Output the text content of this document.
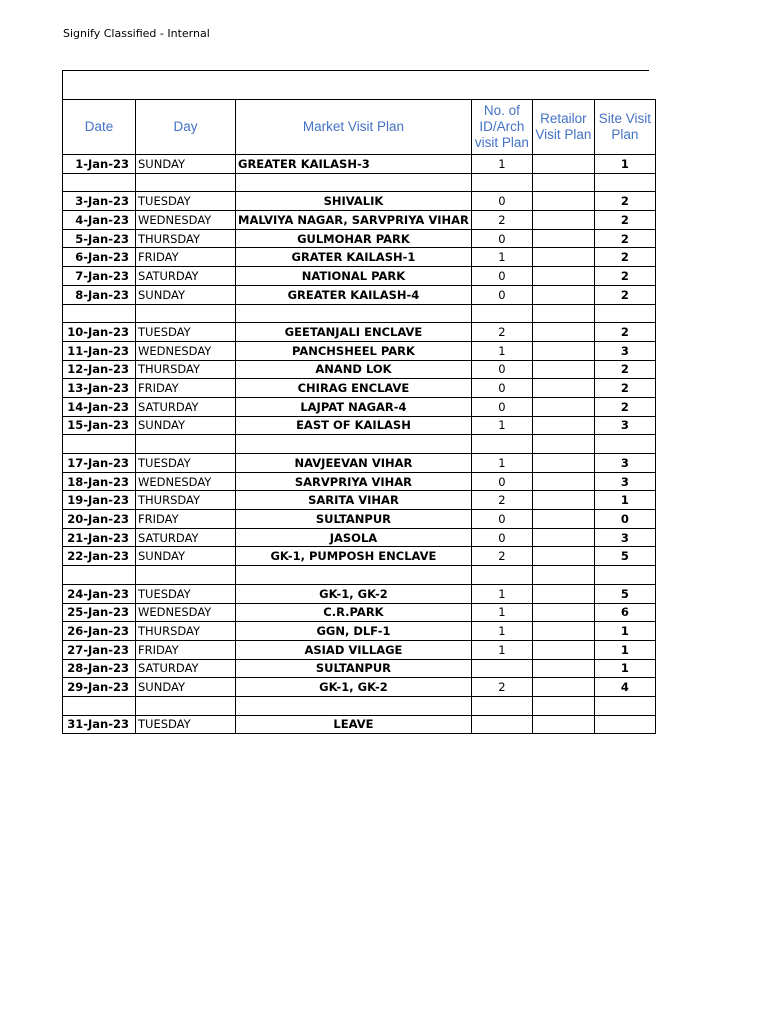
Signify Classified - Internal
Date	Day	Market Visit Plan	No. of ID/Arch visit Plan	Retailor Visit Plan	Site Visit Plan
1-Jan-23	SUNDAY	GREATER KAILASH-3	1		1

3-Jan-23	TUESDAY	SHIVALIK	0		2
4-Jan-23	WEDNESDAY	MALVIYA NAGAR, SARVPRIYA VIHAR	2		2
5-Jan-23	THURSDAY	GULMOHAR PARK	0		2
6-Jan-23	FRIDAY	GRATER KAILASH-1	1		2
7-Jan-23	SATURDAY	NATIONAL PARK	0		2
8-Jan-23	SUNDAY	GREATER KAILASH-4	0		2

10-Jan-23	TUESDAY	GEETANJALI ENCLAVE	2		2
11-Jan-23	WEDNESDAY	PANCHSHEEL PARK	1		3
12-Jan-23	THURSDAY	ANAND LOK	0		2
13-Jan-23	FRIDAY	CHIRAG ENCLAVE	0		2
14-Jan-23	SATURDAY	LAJPAT NAGAR-4	0		2
15-Jan-23	SUNDAY	EAST OF KAILASH	1		3

17-Jan-23	TUESDAY	NAVJEEVAN VIHAR	1		3
18-Jan-23	WEDNESDAY	SARVPRIYA VIHAR	0		3
19-Jan-23	THURSDAY	SARITA VIHAR	2		1
20-Jan-23	FRIDAY	SULTANPUR	0		0
21-Jan-23	SATURDAY	JASOLA	0		3
22-Jan-23	SUNDAY	GK-1, PUMPOSH ENCLAVE	2		5

24-Jan-23	TUESDAY	GK-1, GK-2	1		5
25-Jan-23	WEDNESDAY	C.R.PARK	1		6
26-Jan-23	THURSDAY	GGN, DLF-1	1		1
27-Jan-23	FRIDAY	ASIAD VILLAGE	1		1
28-Jan-23	SATURDAY	SULTANPUR			1
29-Jan-23	SUNDAY	GK-1, GK-2	2		4

31-Jan-23	TUESDAY	LEAVE			
